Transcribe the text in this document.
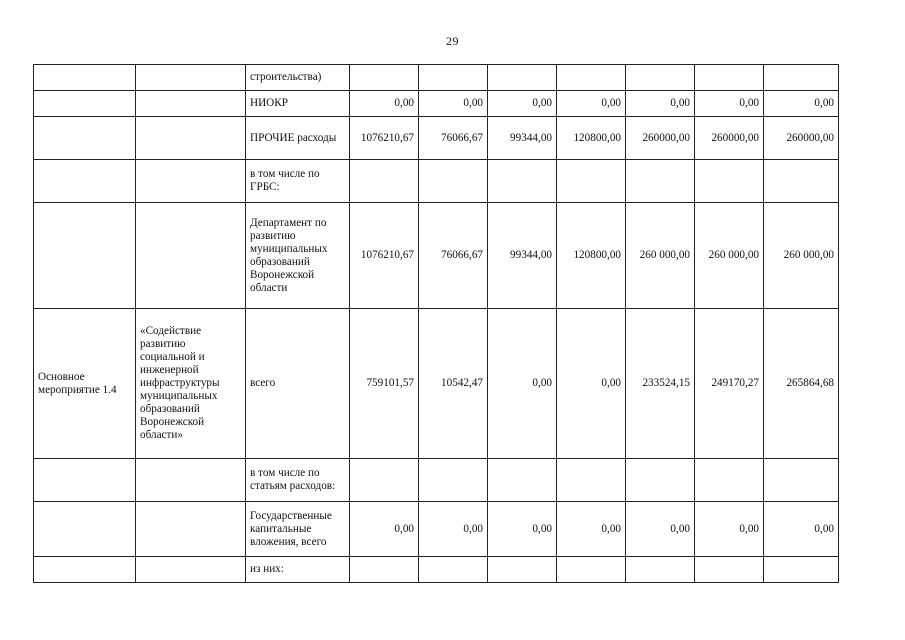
29
		строительства)							
		НИОКР	0,00	0,00	0,00	0,00	0,00	0,00	0,00
		ПРОЧИЕ расходы	1076210,67	76066,67	99344,00	120800,00	260000,00	260000,00	260000,00
		в том числе по ГРБС:							
		Департамент по развитию муниципальных образований Воронежской области	1076210,67	76066,67	99344,00	120800,00	260 000,00	260 000,00	260 000,00
Основное мероприятие 1.4	«Содействие развитию социальной и инженерной инфраструктуры муниципальных образований Воронежской области»	всего	759101,57	10542,47	0,00	0,00	233524,15	249170,27	265864,68
		в том числе по статьям расходов:							
		Государственные капитальные вложения, всего	0,00	0,00	0,00	0,00	0,00	0,00	0,00
		из них:							
